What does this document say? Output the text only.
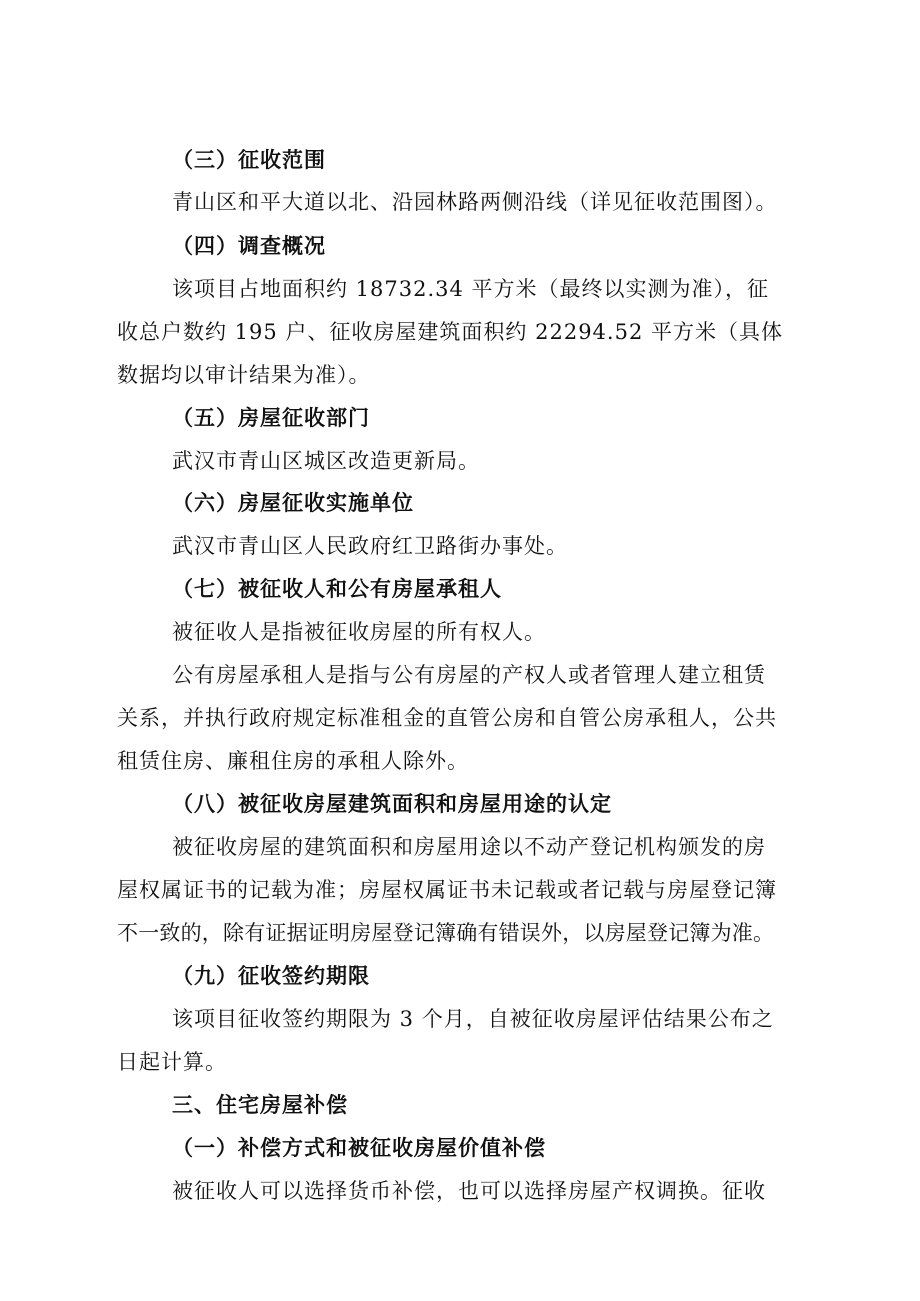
（三）征收范围
青山区和平大道以北、沿园林路两侧沿线（详见征收范围图）。
（四）调查概况
该项目占地面积约 18732.34 平方米（最终以实测为准），征
收总户数约 195 户、征收房屋建筑面积约 22294.52 平方米（具体
数据均以审计结果为准）。
（五）房屋征收部门
武汉市青山区城区改造更新局。
（六）房屋征收实施单位
武汉市青山区人民政府红卫路街办事处。
（七）被征收人和公有房屋承租人
被征收人是指被征收房屋的所有权人。
公有房屋承租人是指与公有房屋的产权人或者管理人建立租赁
关系，并执行政府规定标准租金的直管公房和自管公房承租人，公共
租赁住房、廉租住房的承租人除外。
（八）被征收房屋建筑面积和房屋用途的认定
被征收房屋的建筑面积和房屋用途以不动产登记机构颁发的房
屋权属证书的记载为准；房屋权属证书未记载或者记载与房屋登记簿
不一致的，除有证据证明房屋登记簿确有错误外，以房屋登记簿为准。
（九）征收签约期限
该项目征收签约期限为 3 个月，自被征收房屋评估结果公布之
日起计算。
三、住宅房屋补偿
（一）补偿方式和被征收房屋价值补偿
被征收人可以选择货币补偿，也可以选择房屋产权调换。征收
